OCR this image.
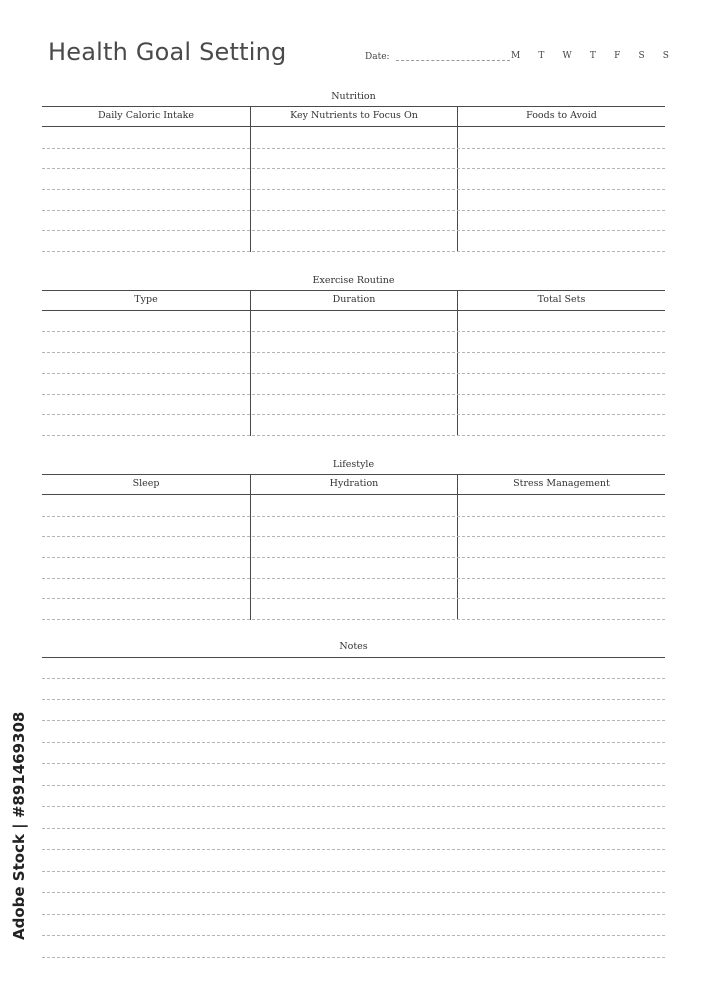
Health Goal Setting	Date:	M T W T F S S
Nutrition
Daily Caloric Intake	Key Nutrients to Focus On	Foods to Avoid
Exercise Routine
Type	Duration	Total Sets
Lifestyle
Sleep	Hydration	Stress Management
Notes
Adobe Stock | #891469308
